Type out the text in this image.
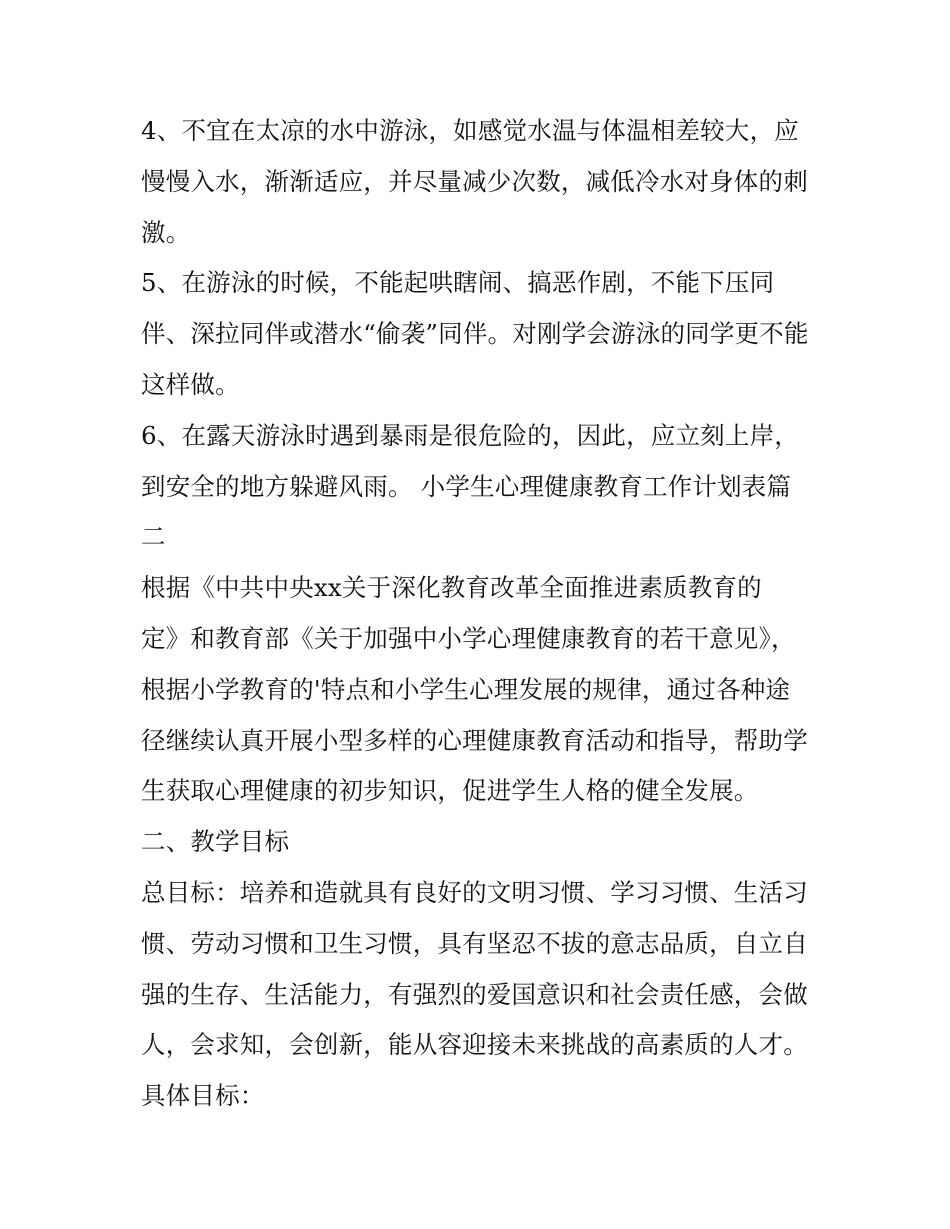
4、不宜在太凉的水中游泳，如感觉水温与体温相差较大，应
慢慢入水，渐渐适应，并尽量减少次数，减低冷水对身体的刺
激。
5、在游泳的时候，不能起哄瞎闹、搞恶作剧，不能下压同
伴、深拉同伴或潜水“偷袭”同伴。对刚学会游泳的同学更不能
这样做。
6、在露天游泳时遇到暴雨是很危险的，因此，应立刻上岸，
到安全的地方躲避风雨。 小学生心理健康教育工作计划表篇
二
根据《中共中央xx关于深化教育改革全面推进素质教育的
定》和教育部《关于加强中小学心理健康教育的若干意见》，
根据小学教育的'特点和小学生心理发展的规律，通过各种途
径继续认真开展小型多样的心理健康教育活动和指导，帮助学
生获取心理健康的初步知识，促进学生人格的健全发展。
二、教学目标
总目标：培养和造就具有良好的文明习惯、学习习惯、生活习
惯、劳动习惯和卫生习惯，具有坚忍不拔的意志品质，自立自
强的生存、生活能力，有强烈的爱国意识和社会责任感，会做
人，会求知，会创新，能从容迎接未来挑战的高素质的人才。
具体目标：
